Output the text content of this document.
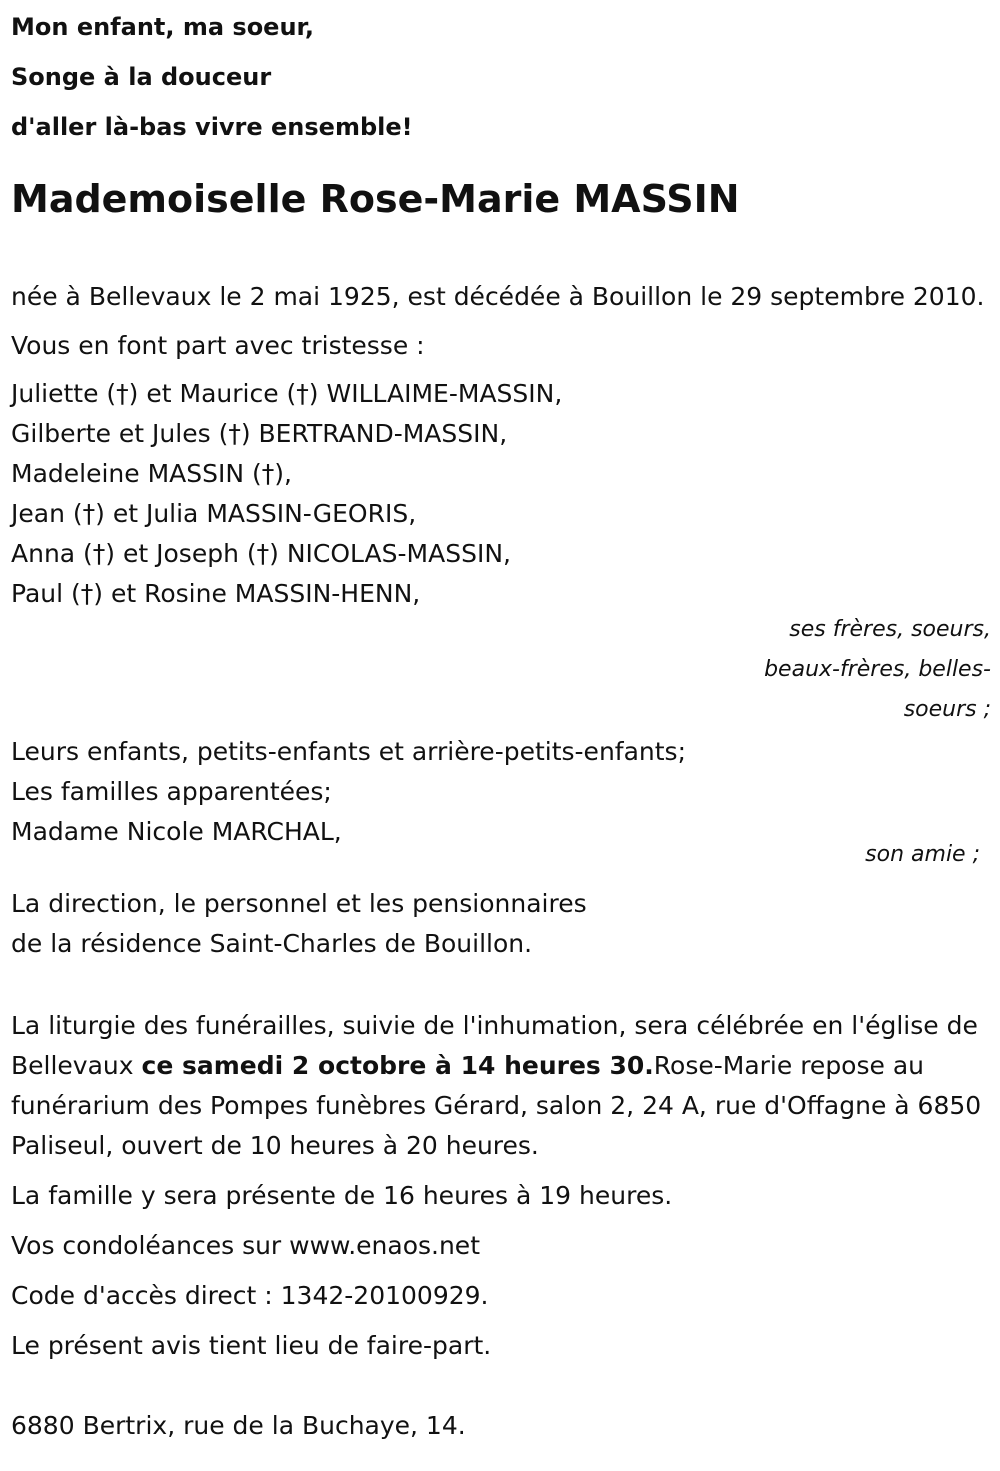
Mon enfant, ma soeur,
Songe à la douceur
d'aller là-bas vivre ensemble!
Mademoiselle Rose-Marie MASSIN
née à Bellevaux le 2 mai 1925, est décédée à Bouillon le 29 septembre 2010.
Vous en font part avec tristesse :
Juliette (†) et Maurice (†) WILLAIME-MASSIN,
Gilberte et Jules (†) BERTRAND-MASSIN,
Madeleine MASSIN (†),
Jean (†) et Julia MASSIN-GEORIS,
Anna (†) et Joseph (†) NICOLAS-MASSIN,
Paul (†) et Rosine MASSIN-HENN,
ses frères, soeurs, beaux-frères, belles-soeurs ;
Leurs enfants, petits-enfants et arrière-petits-enfants;
Les familles apparentées;
Madame Nicole MARCHAL,
son amie ;
La direction, le personnel et les pensionnaires
de la résidence Saint-Charles de Bouillon.
La liturgie des funérailles, suivie de l'inhumation, sera célébrée en l'église de Bellevaux ce samedi 2 octobre à 14 heures 30.Rose-Marie repose au funérarium des Pompes funèbres Gérard, salon 2, 24 A, rue d'Offagne à 6850 Paliseul, ouvert de 10 heures à 20 heures.
La famille y sera présente de 16 heures à 19 heures.
Vos condoléances sur www.enaos.net
Code d'accès direct : 1342-20100929.
Le présent avis tient lieu de faire-part.
6880 Bertrix, rue de la Buchaye, 14.
